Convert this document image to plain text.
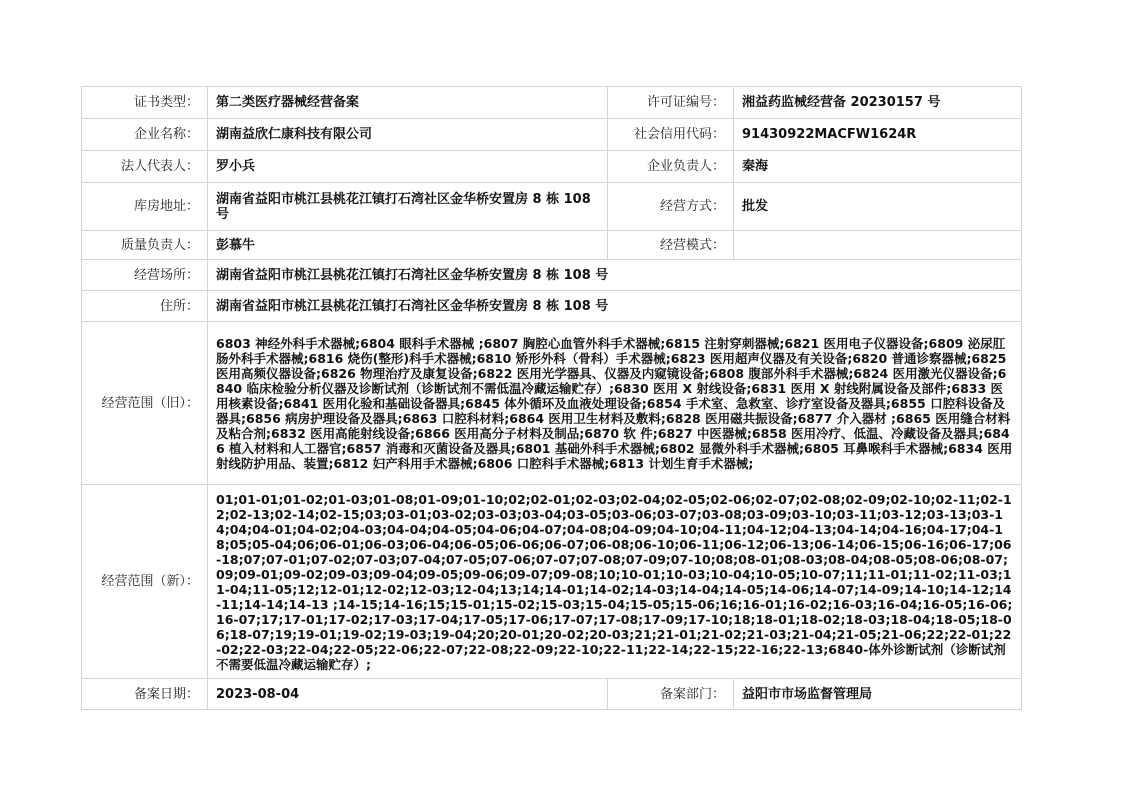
证书类型：	第二类医疗器械经营备案	许可证编号：	湘益药监械经营备 20230157 号
企业名称：	湖南益欣仁康科技有限公司	社会信用代码：	91430922MACFW1624R
法人代表人：	罗小兵	企业负责人：	秦海
库房地址：	湖南省益阳市桃江县桃花江镇打石湾社区金华桥安置房 8 栋 108 号	经营方式：	批发
质量负责人：	彭慕牛	经营模式：	
经营场所：	湖南省益阳市桃江县桃花江镇打石湾社区金华桥安置房 8 栋 108 号		
住所：	湖南省益阳市桃江县桃花江镇打石湾社区金华桥安置房 8 栋 108 号		
经营范围（旧）：	6803 神经外科手术器械;6804 眼科手术器械 ;6807 胸腔心血管外科手术器械;6815 注射穿刺器械;6821 医用电子仪器设备;6809 泌尿肛肠外科手术器械;6816 烧伤(整形)科手术器械;6810 矫形外科（骨科）手术器械;6823 医用超声仪器及有关设备;6820 普通诊察器械;6825 医用高频仪器设备;6826 物理治疗及康复设备;6822 医用光学器具、仪器及内窥镜设备;6808 腹部外科手术器械;6824 医用激光仪器设备;6840 临床检验分析仪器及诊断试剂（诊断试剂不需低温冷藏运输贮存）;6830 医用 X 射线设备;6831 医用 X 射线附属设备及部件;6833 医用核素设备;6841 医用化验和基础设备器具;6845 体外循环及血液处理设备;6854 手术室、急救室、诊疗室设备及器具;6855 口腔科设备及器具;6856 病房护理设备及器具;6863 口腔科材料;6864 医用卫生材料及敷料;6828 医用磁共振设备;6877 介入器材 ;6865 医用缝合材料及粘合剂;6832 医用高能射线设备;6866 医用高分子材料及制品;6870 软 件;6827 中医器械;6858 医用冷疗、低温、冷藏设备及器具;6846 植入材料和人工器官;6857 消毒和灭菌设备及器具;6801 基础外科手术器械;6802 显微外科手术器械;6805 耳鼻喉科手术器械;6834 医用射线防护用品、装置;6812 妇产科用手术器械;6806 口腔科手术器械;6813 计划生育手术器械;		
经营范围（新）：	01;01-01;01-02;01-03;01-08;01-09;01-10;02;02-01;02-03;02-04;02-05;02-06;02-07;02-08;02-09;02-10;02-11;02-12;02-13;02-14;02-15;03;03-01;03-02;03-03;03-04;03-05;03-06;03-07;03-08;03-09;03-10;03-11;03-12;03-13;03-14;04;04-01;04-02;04-03;04-04;04-05;04-06;04-07;04-08;04-09;04-10;04-11;04-12;04-13;04-14;04-16;04-17;04-18;05;05-04;06;06-01;06-03;06-04;06-05;06-06;06-07;06-08;06-10;06-11;06-12;06-13;06-14;06-15;06-16;06-17;06-18;07;07-01;07-02;07-03;07-04;07-05;07-06;07-07;07-08;07-09;07-10;08;08-01;08-03;08-04;08-05;08-06;08-07;09;09-01;09-02;09-03;09-04;09-05;09-06;09-07;09-08;10;10-01;10-03;10-04;10-05;10-07;11;11-01;11-02;11-03;11-04;11-05;12;12-01;12-02;12-03;12-04;13;14;14-01;14-02;14-03;14-04;14-05;14-06;14-07;14-09;14-10;14-12;14-11;14-14;14-13 ;14-15;14-16;15;15-01;15-02;15-03;15-04;15-05;15-06;16;16-01;16-02;16-03;16-04;16-05;16-06;16-07;17;17-01;17-02;17-03;17-04;17-05;17-06;17-07;17-08;17-09;17-10;18;18-01;18-02;18-03;18-04;18-05;18-06;18-07;19;19-01;19-02;19-03;19-04;20;20-01;20-02;20-03;21;21-01;21-02;21-03;21-04;21-05;21-06;22;22-01;22-02;22-03;22-04;22-05;22-06;22-07;22-08;22-09;22-10;22-11;22-14;22-15;22-16;22-13;6840-体外诊断试剂（诊断试剂不需要低温冷藏运输贮存）;		
备案日期：	2023-08-04	备案部门：	益阳市市场监督管理局
